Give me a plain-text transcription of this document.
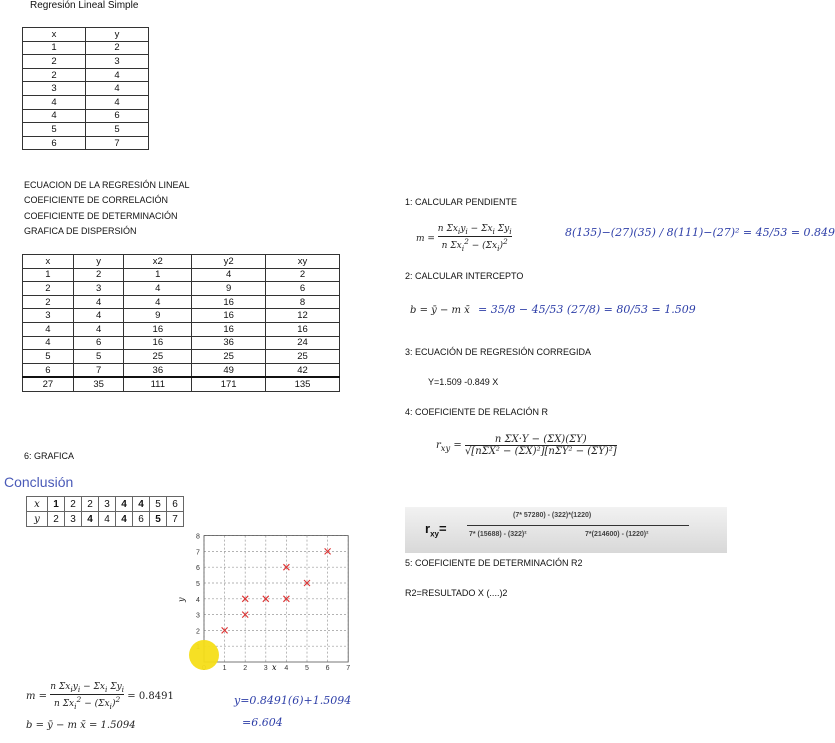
Regresión Lineal Simple
x	y
1	2
2	3
2	4
3	4
4	4
4	6
5	5
6	7
ECUACION DE LA REGRESIÓN LINEAL
COEFICIENTE DE CORRELACIÓN
COEFICIENTE DE DETERMINACIÓN
GRAFICA DE DISPERSIÓN
x	y	x2	y2	xy
1	2	1	4	2
2	3	4	9	6
2	4	4	16	8
3	4	9	16	12
4	4	16	16	16
4	6	16	36	24
5	5	25	25	25
6	7	36	49	42
27	35	111	171	135
6: GRAFICA
Conclusión
x	1	2	2	3	4	4	5	6
y	2	3	4	4	4	6	5	7
1 2 3 4 5 6 7
2
3
4
5
6
7
8
x
y
m =
n $\Sigma x_iy_i - \Sigma x_i$ $\Sigma y_i$
n $\Sigma x_i^2 - (\Sigma x_i)^2 = 0.8491$
b = ȳ − m x̄ = 1.5094
y=0.8491(6)+1.5094
=6.604
1: CALCULAR PENDIENTE
m =
n $\Sigma x_iy_i - \Sigma x_i$ $\Sigma y_i$
n $\Sigma x_i^2 - (\Sigma x_i)^2$
8(135)−(27)(35) / 8(111)−(27)² = 45/53 = 0.849
2: CALCULAR INTERCEPTO
b = ȳ − m x̄ = 35/8 − 45/53 (27/8) = 80/53 = 1.509
3: ECUACIÓN DE REGRESIÓN CORREGIDA
Y=1.509 -0.849 X
4: COEFICIENTE DE RELACIÓN R
$r_{xy}$ =
n ΣX·Y − (ΣX)(ΣY)
√[nΣX² − (ΣX)²][nΣY² − (ΣY)²]
$r_{xy}=$
(7* 57280) - (322)*(1220)
7* (15688) - (322)²	7*(214600) - (1220)²
5: COEFICIENTE DE DETERMINACIÓN R2
R2=RESULTADO X (....)2
